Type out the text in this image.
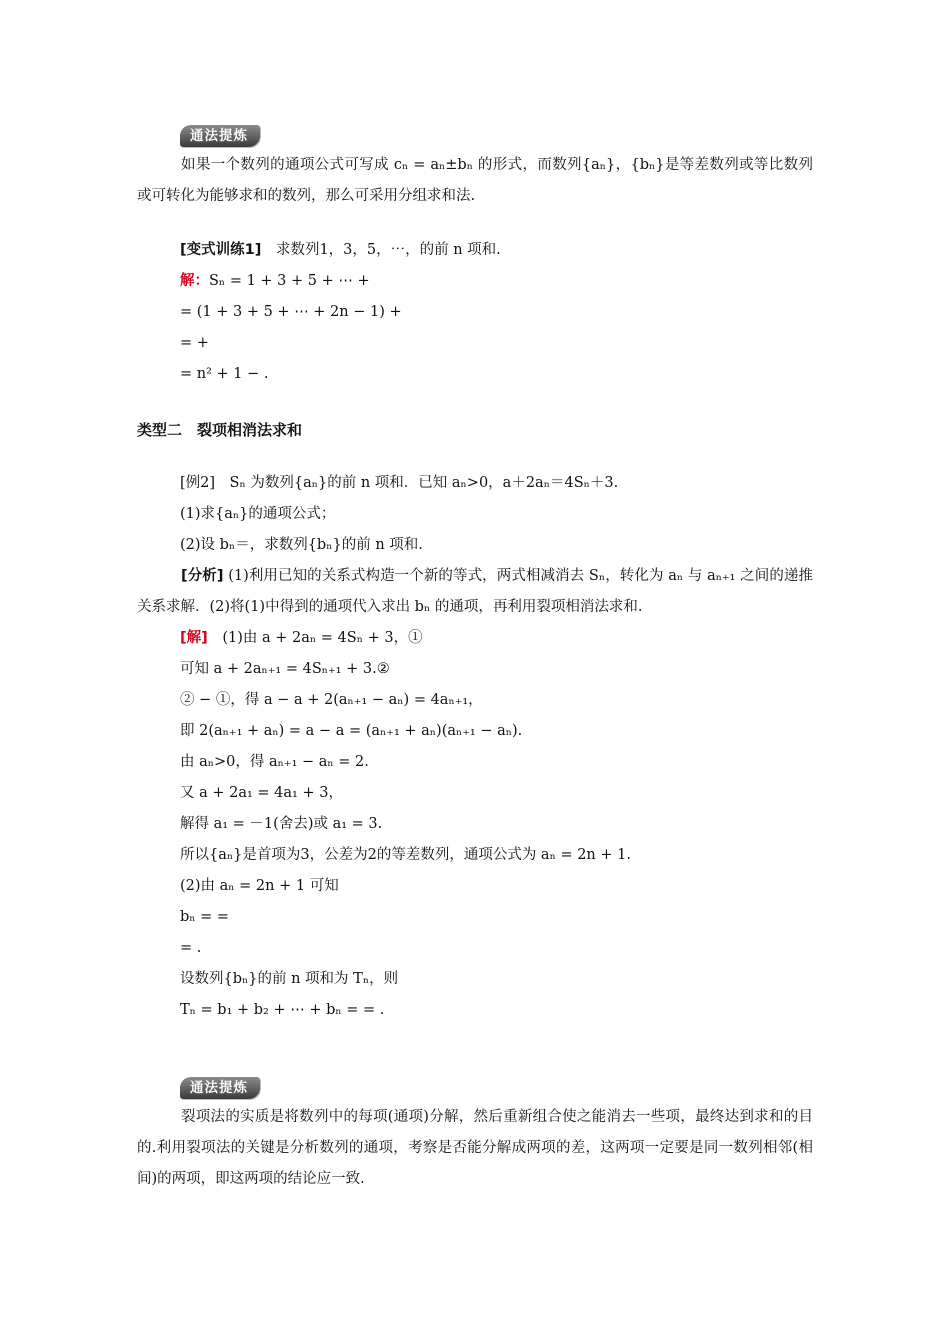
通法提炼
如果一个数列的通项公式可写成 cₙ = aₙ±bₙ 的形式，而数列{aₙ}，{bₙ}是等差数列或等比数列或可转化为能够求和的数列，那么可采用分组求和法.
[变式训练1] 求数列1，3，5，⋯，的前 n 项和.
解：Sₙ = 1 + 3 + 5 + ⋯ +
= (1 + 3 + 5 + ⋯ + 2n − 1) +
= +
= n² + 1 − .
类型二　裂项相消法求和
[例2]　Sₙ 为数列{aₙ}的前 n 项和．已知 aₙ>0，a＋2aₙ＝4Sₙ＋3.
(1)求{aₙ}的通项公式；
(2)设 bₙ＝，求数列{bₙ}的前 n 项和.
[分析] (1)利用已知的关系式构造一个新的等式，两式相减消去 Sₙ，转化为 aₙ 与 aₙ₊₁ 之间的递推关系求解．(2)将(1)中得到的通项代入求出 bₙ 的通项，再利用裂项相消法求和.
[解] (1)由 a + 2aₙ = 4Sₙ + 3，①
可知 a + 2aₙ₊₁ = 4Sₙ₊₁ + 3.②
② − ①，得 a − a + 2(aₙ₊₁ − aₙ) = 4aₙ₊₁，
即 2(aₙ₊₁ + aₙ) = a − a = (aₙ₊₁ + aₙ)(aₙ₊₁ − aₙ).
由 aₙ>0，得 aₙ₊₁ − aₙ = 2.
又 a + 2a₁ = 4a₁ + 3，
解得 a₁ = －1(舍去)或 a₁ = 3.
所以{aₙ}是首项为3，公差为2的等差数列，通项公式为 aₙ = 2n + 1.
(2)由 aₙ = 2n + 1 可知
bₙ = =
= .
设数列{bₙ}的前 n 项和为 Tₙ，则
Tₙ = b₁ + b₂ + ⋯ + bₙ = = .
通法提炼
裂项法的实质是将数列中的每项(通项)分解，然后重新组合使之能消去一些项，最终达到求和的目的.利用裂项法的关键是分析数列的通项，考察是否能分解成两项的差，这两项一定要是同一数列相邻(相间)的两项，即这两项的结论应一致.
